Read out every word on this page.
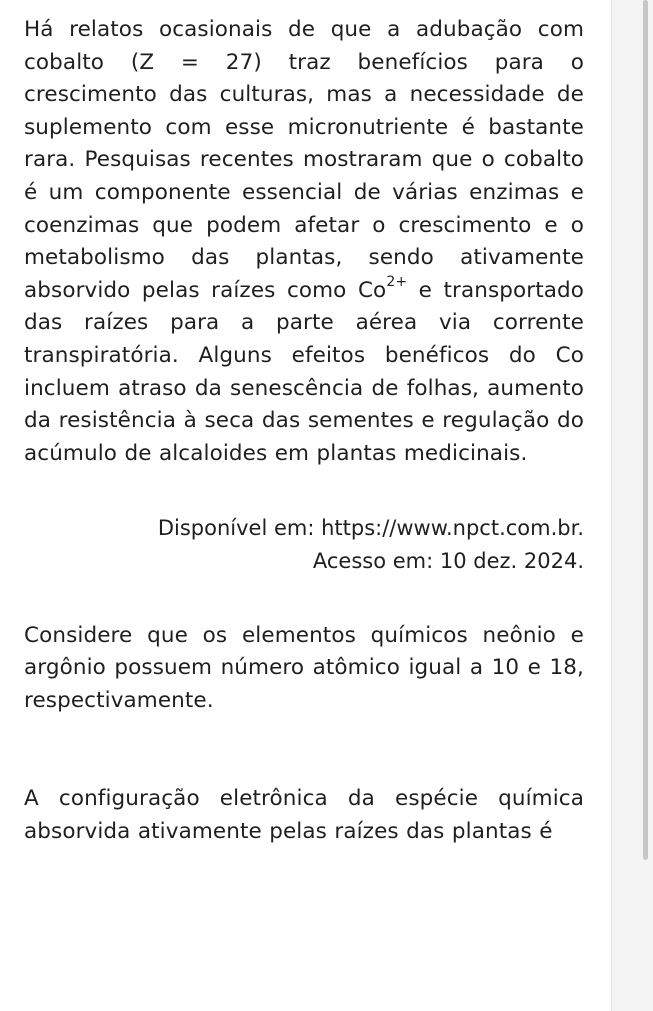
Há relatos ocasionais de que a adubação com cobalto (Z = 27) traz benefícios para o crescimento das culturas, mas a necessidade de suplemento com esse micronutriente é bastante rara. Pesquisas recentes mostraram que o cobalto é um componente essencial de várias enzimas e coenzimas que podem afetar o crescimento e o metabolismo das plantas, sendo ativamente absorvido pelas raízes como $Co^{2+}$ e transportado das raízes para a parte aérea via corrente transpiratória. Alguns efeitos benéficos do Co incluem atraso da senescência de folhas, aumento da resistência à seca das sementes e regulação do acúmulo de alcaloides em plantas medicinais.

Disponível em: https://www.npct.com.br.

Acesso em: 10 dez. 2024.

Considere que os elementos químicos neônio e argônio possuem número atômico igual a 10 e 18, respectivamente.

A configuração eletrônica da espécie química absorvida ativamente pelas raízes das plantas é
